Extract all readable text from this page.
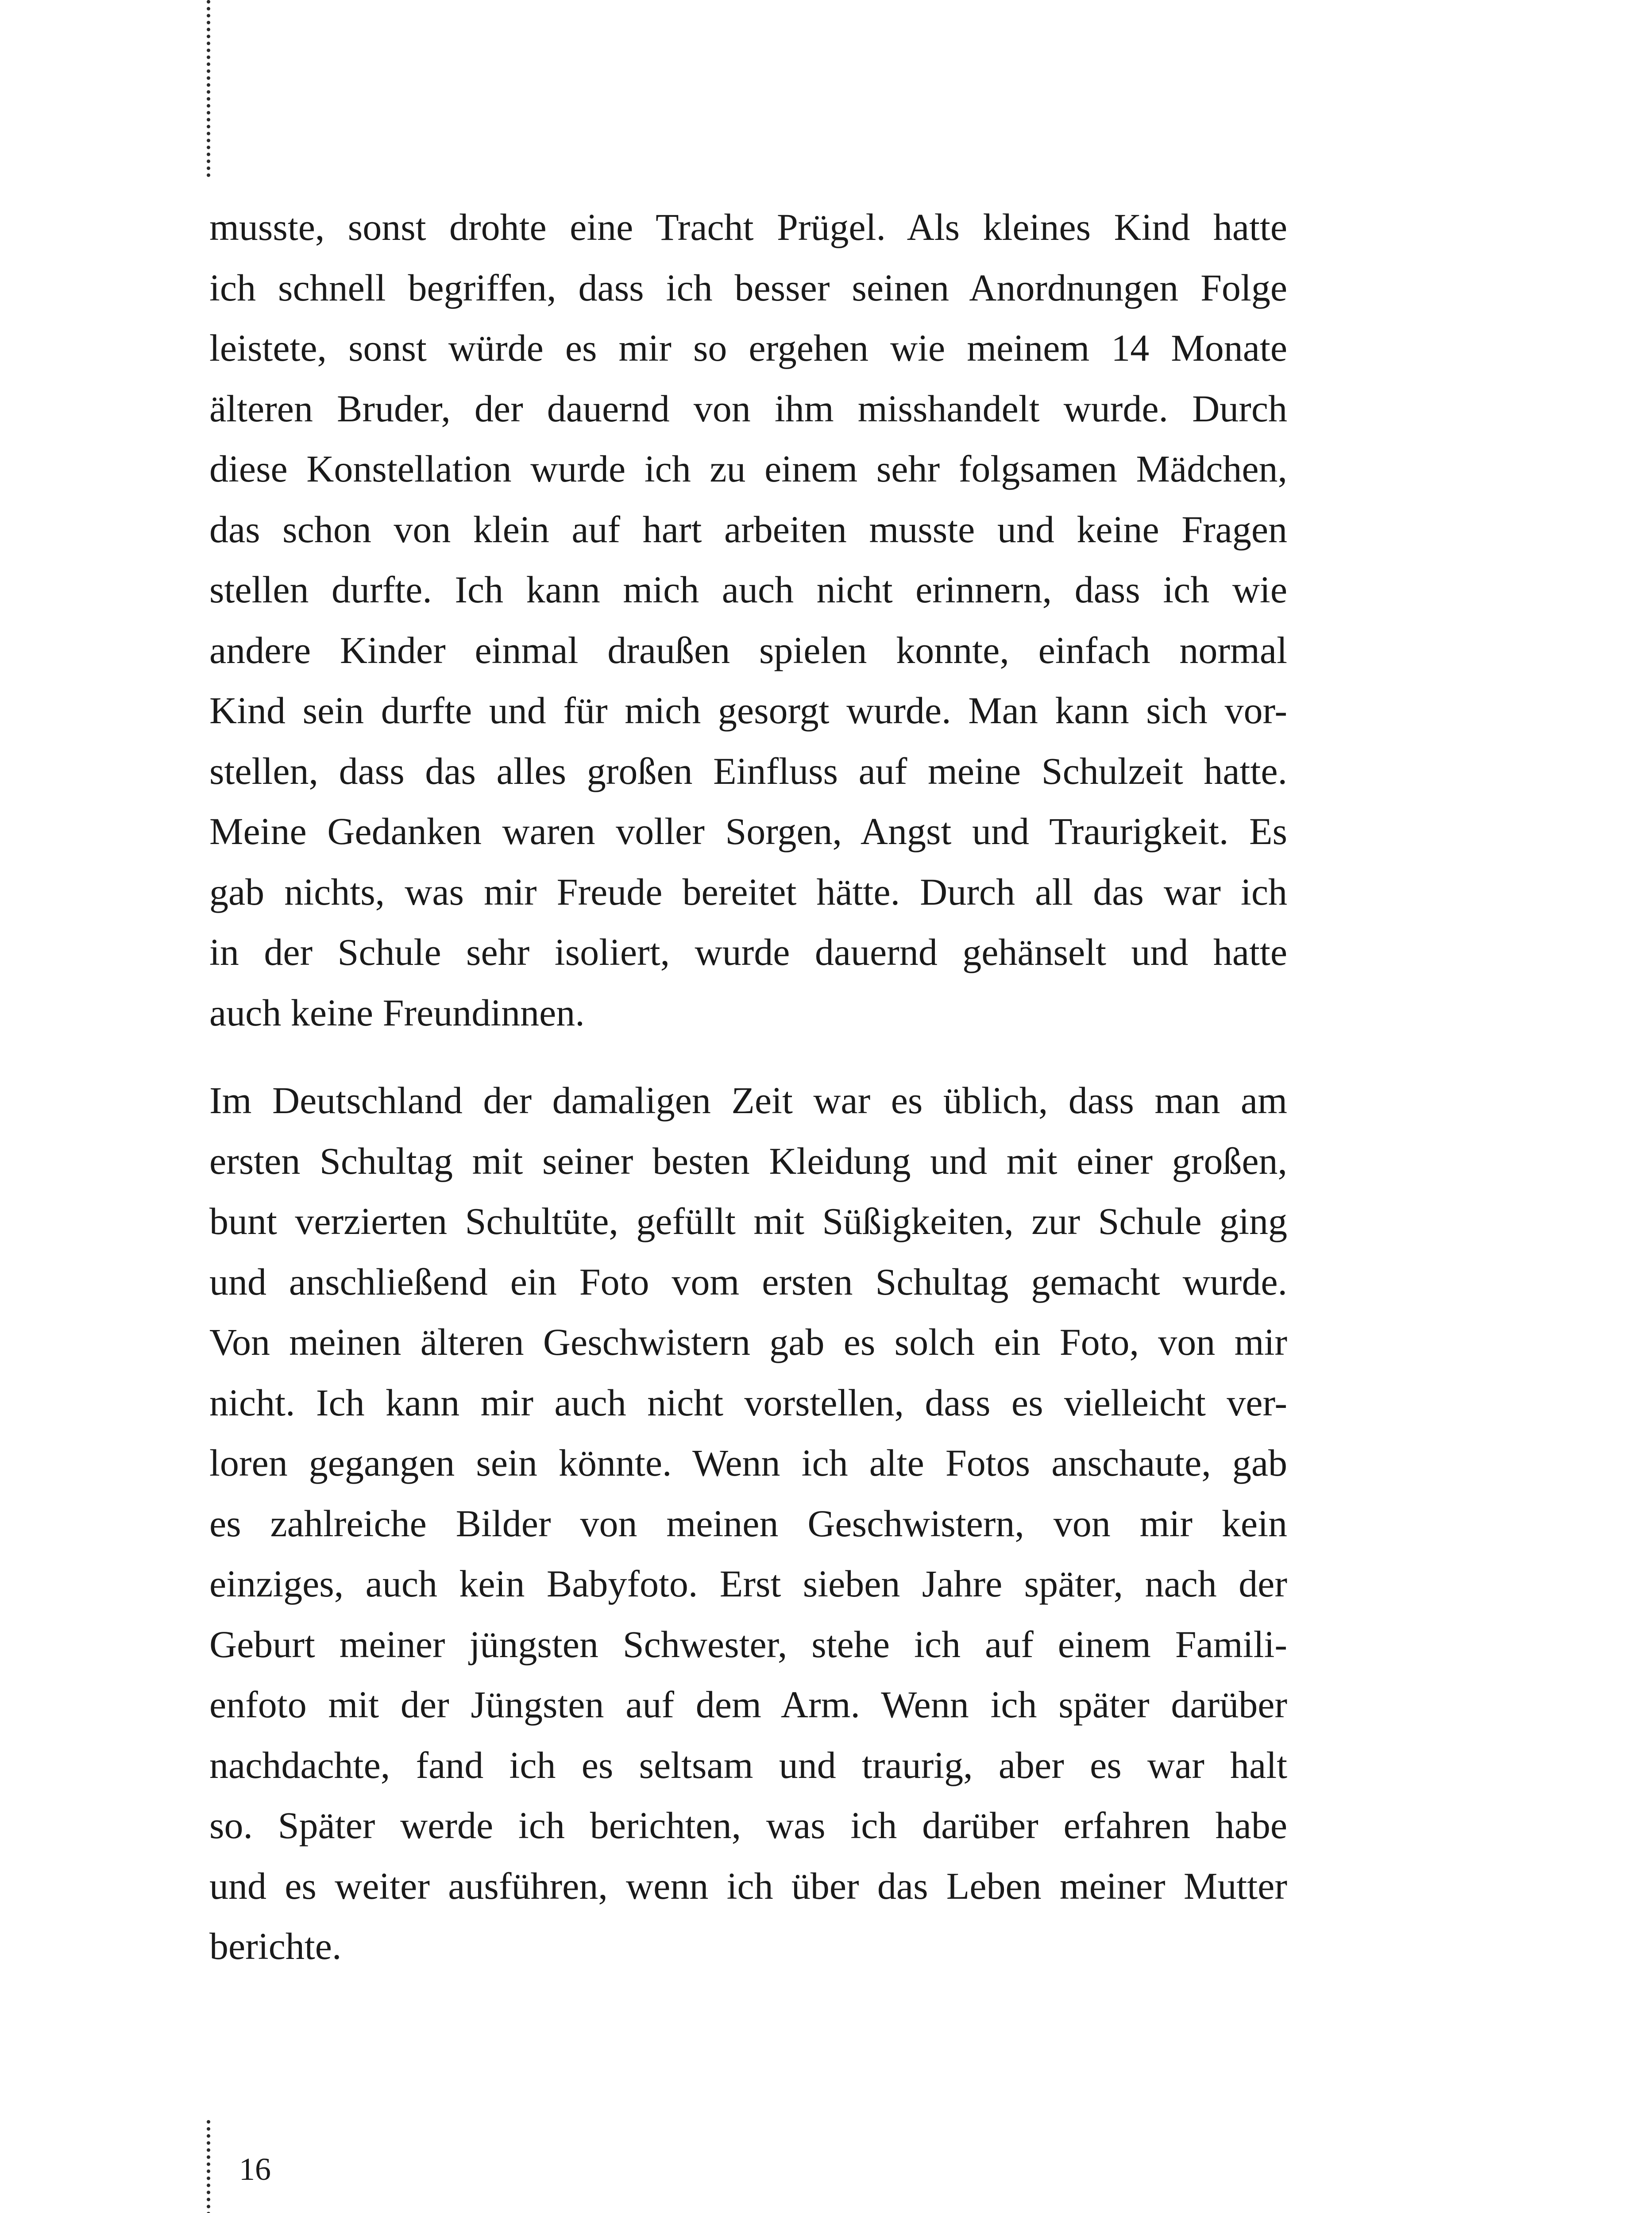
musste, sonst drohte eine Tracht Prügel. Als kleines Kind hatte
ich schnell begriffen, dass ich besser seinen Anordnungen Folge
leistete, sonst würde es mir so ergehen wie meinem 14 Monate
älteren Bruder, der dauernd von ihm misshandelt wurde. Durch
diese Konstellation wurde ich zu einem sehr folgsamen Mädchen,
das schon von klein auf hart arbeiten musste und keine Fragen
stellen durfte. Ich kann mich auch nicht erinnern, dass ich wie
andere Kinder einmal draußen spielen konnte, einfach normal
Kind sein durfte und für mich gesorgt wurde. Man kann sich vor-
stellen, dass das alles großen Einfluss auf meine Schulzeit hatte.
Meine Gedanken waren voller Sorgen, Angst und Traurigkeit. Es
gab nichts, was mir Freude bereitet hätte. Durch all das war ich
in der Schule sehr isoliert, wurde dauernd gehänselt und hatte
auch keine Freundinnen.
Im Deutschland der damaligen Zeit war es üblich, dass man am
ersten Schultag mit seiner besten Kleidung und mit einer großen,
bunt verzierten Schultüte, gefüllt mit Süßigkeiten, zur Schule ging
und anschließend ein Foto vom ersten Schultag gemacht wurde.
Von meinen älteren Geschwistern gab es solch ein Foto, von mir
nicht. Ich kann mir auch nicht vorstellen, dass es vielleicht ver-
loren gegangen sein könnte. Wenn ich alte Fotos anschaute, gab
es zahlreiche Bilder von meinen Geschwistern, von mir kein
einziges, auch kein Babyfoto. Erst sieben Jahre später, nach der
Geburt meiner jüngsten Schwester, stehe ich auf einem Famili-
enfoto mit der Jüngsten auf dem Arm. Wenn ich später darüber
nachdachte, fand ich es seltsam und traurig, aber es war halt
so. Später werde ich berichten, was ich darüber erfahren habe
und es weiter ausführen, wenn ich über das Leben meiner Mutter
berichte.
16
